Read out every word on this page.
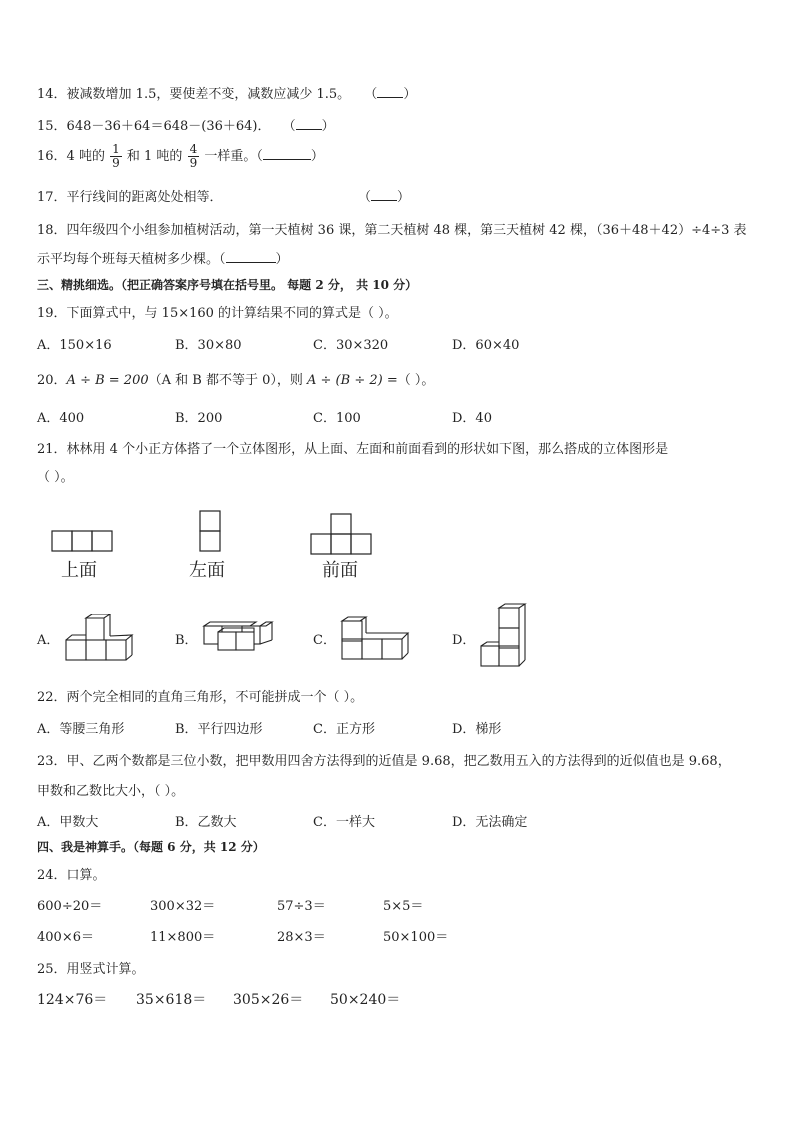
14．被减数增加 1.5，要使差不变，减数应减少 1.5。 （ ）
15．648－36＋64＝648－(36＋64)． （ ）
16．4 吨的 $\frac{1}{9}$ 和 1 吨的 $\frac{4}{9}$ 一样重。（	）
17．平行线间的距离处处相等．	（ ）
18．四年级四个小组参加植树活动，第一天植树 36 课，第二天植树 48 棵，第三天植树 42 棵，（36＋48＋42）÷4÷3 表
示平均每个班每天植树多少棵。（	）
三、精挑细选。（把正确答案序号填在括号里。 每题 2 分， 共 10 分）
19．下面算式中，与 15×160 的计算结果不同的算式是（ ）。
A．150×16	B．30×80	C．30×320	D．60×40
20．A ÷ B = 200（A 和 B 都不等于 0），则 A ÷ (B ÷ 2) =（ ）。
A．400	B．200	C．100	D．40
21．林林用 4 个小正方体搭了一个立体图形，从上面、左面和前面看到的形状如下图，那么搭成的立体图形是
（ ）。
上面	左面	前面
A．	B．	C．	D．
22．两个完全相同的直角三角形，不可能拼成一个（ ）。
A．等腰三角形	B．平行四边形	C．正方形	D．梯形
23．甲、乙两个数都是三位小数，把甲数用四舍方法得到的近值是 9.68，把乙数用五入的方法得到的近似值也是 9.68，
甲数和乙数比大小，（ ）。
A．甲数大	B．乙数大	C．一样大	D．无法确定
四、我是神算手。（每题 6 分，共 12 分）
24．口算。
600÷20＝	300×32＝	57÷3＝	5×5＝
400×6＝	11×800＝	28×3＝	50×100＝
25．用竖式计算。
124×76＝ 35×618＝ 305×26＝ 50×240＝
